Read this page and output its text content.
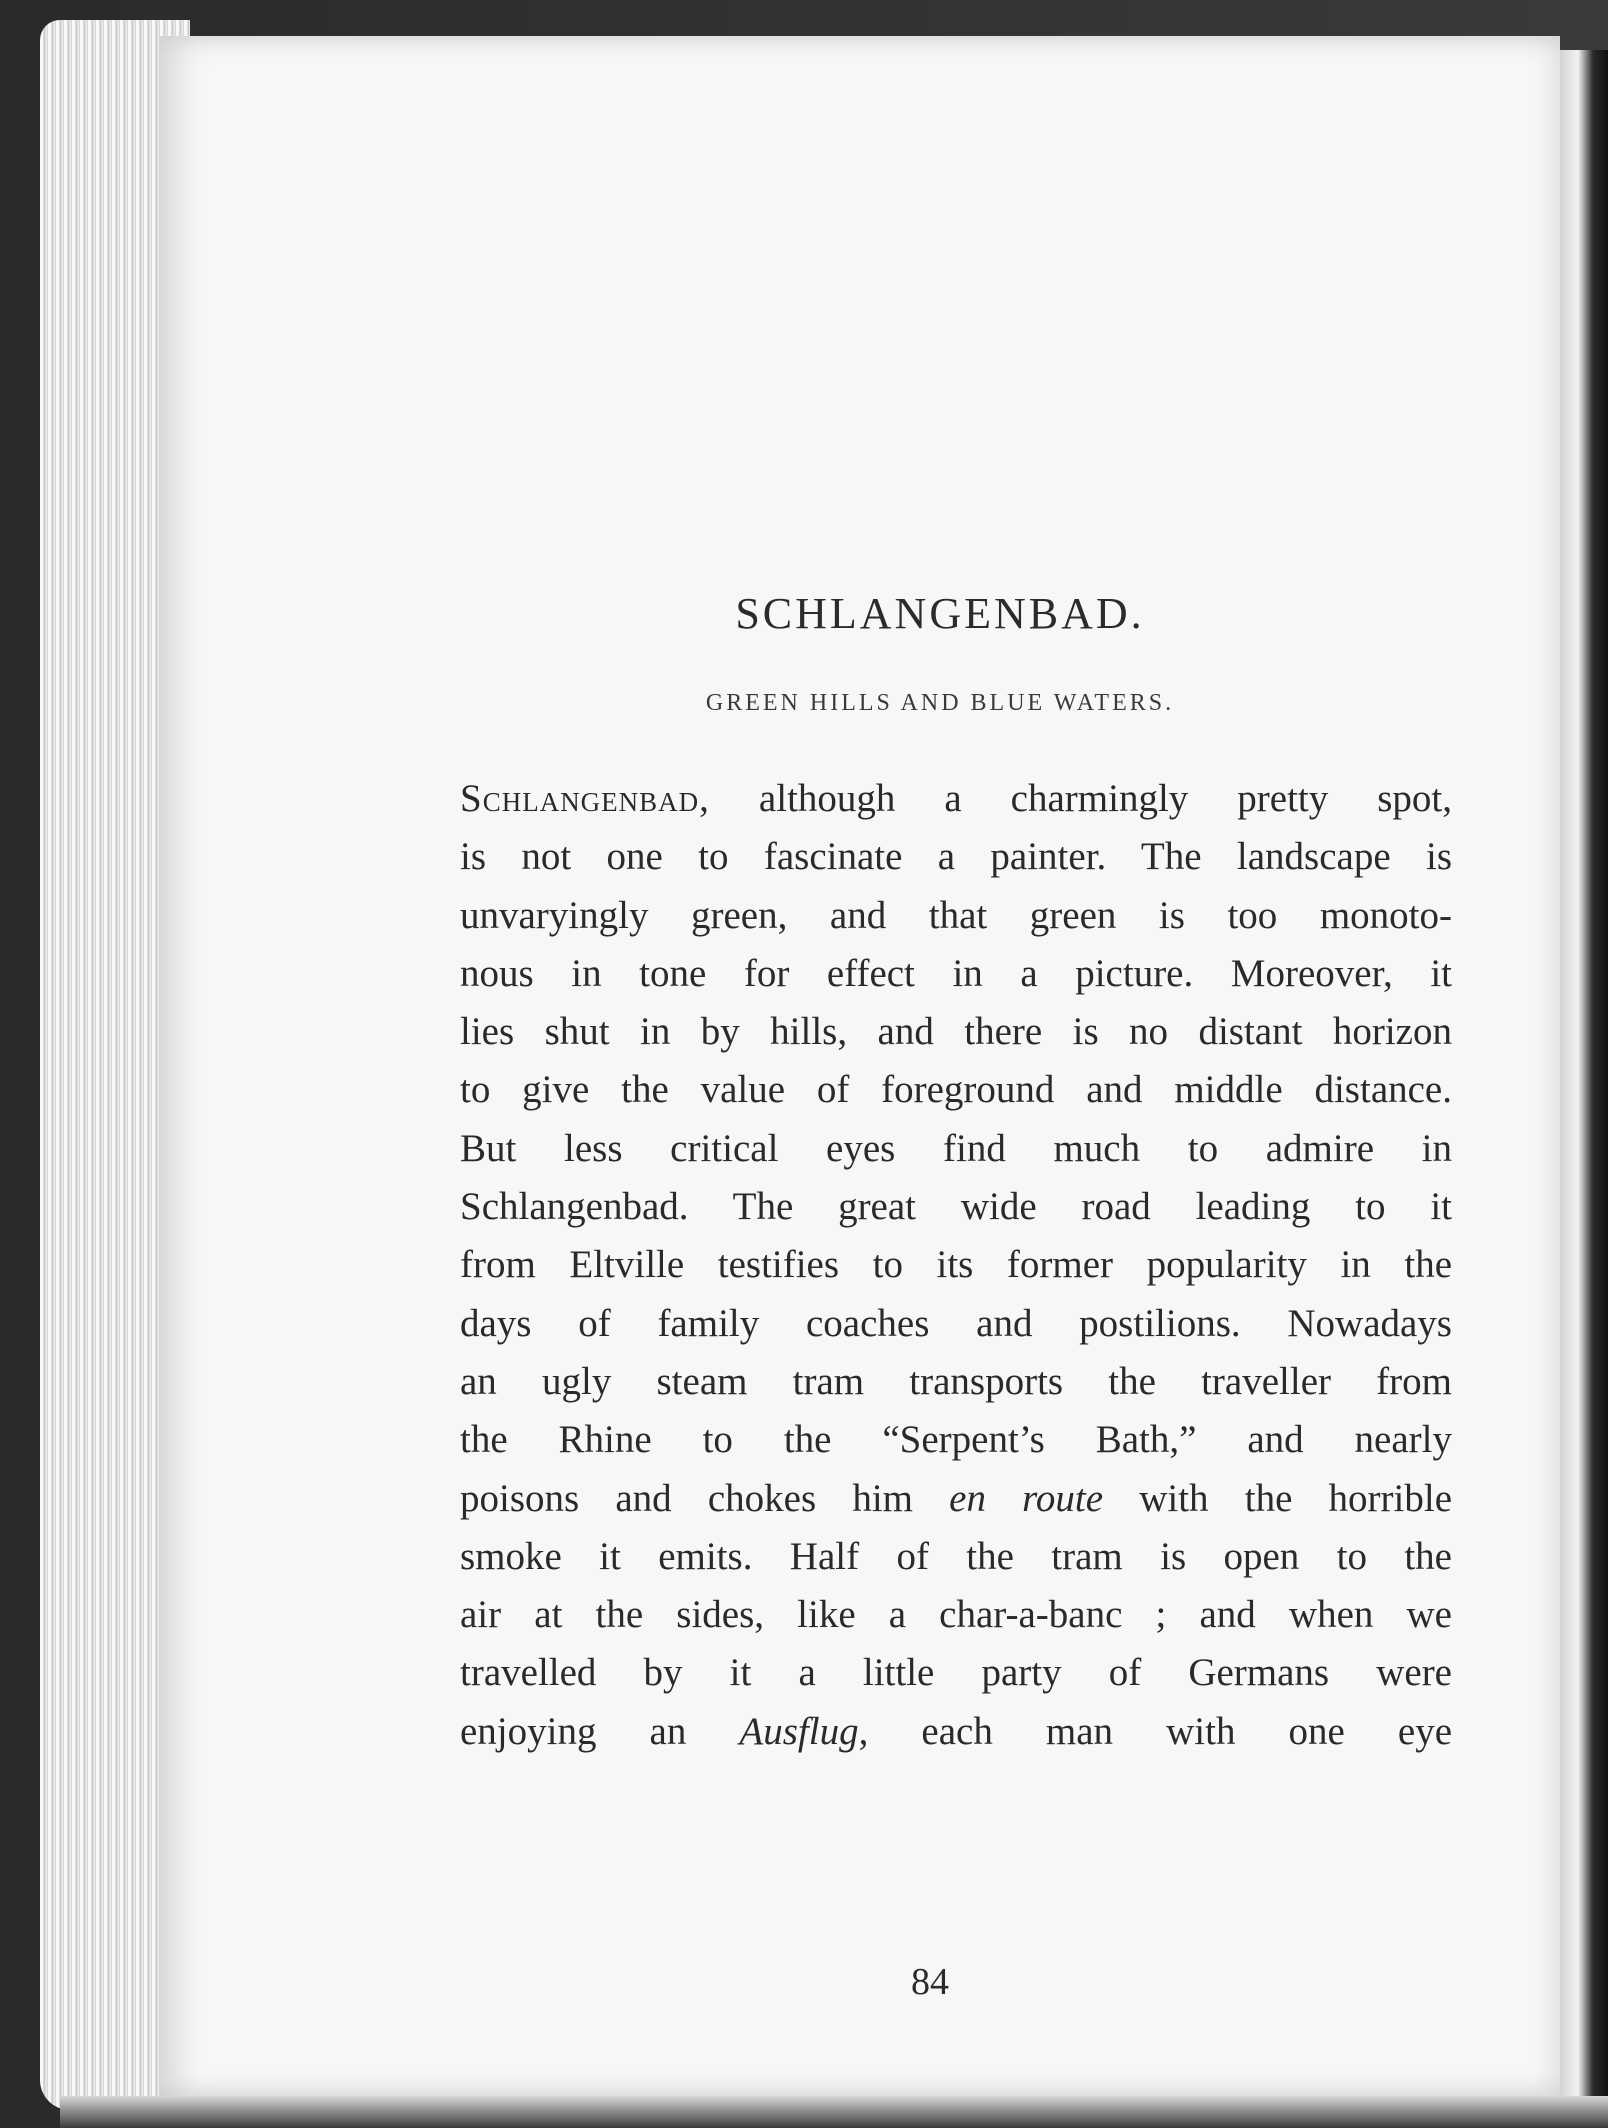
SCHLANGENBAD.
GREEN HILLS AND BLUE WATERS.
Schlangenbad, although a charmingly pretty spot,
is not one to fascinate a painter. The landscape is
unvaryingly green, and that green is too monoto-
nous in tone for effect in a picture. Moreover, it
lies shut in by hills, and there is no distant horizon
to give the value of foreground and middle distance.
But less critical eyes find much to admire in
Schlangenbad. The great wide road leading to it
from Eltville testifies to its former popularity in the
days of family coaches and postilions. Nowadays
an ugly steam tram transports the traveller from
the Rhine to the “Serpent’s Bath,” and nearly
poisons and chokes him en route with the horrible
smoke it emits. Half of the tram is open to the
air at the sides, like a char-a-banc ; and when we
travelled by it a little party of Germans were
enjoying an Ausflug, each man with one eye
84
